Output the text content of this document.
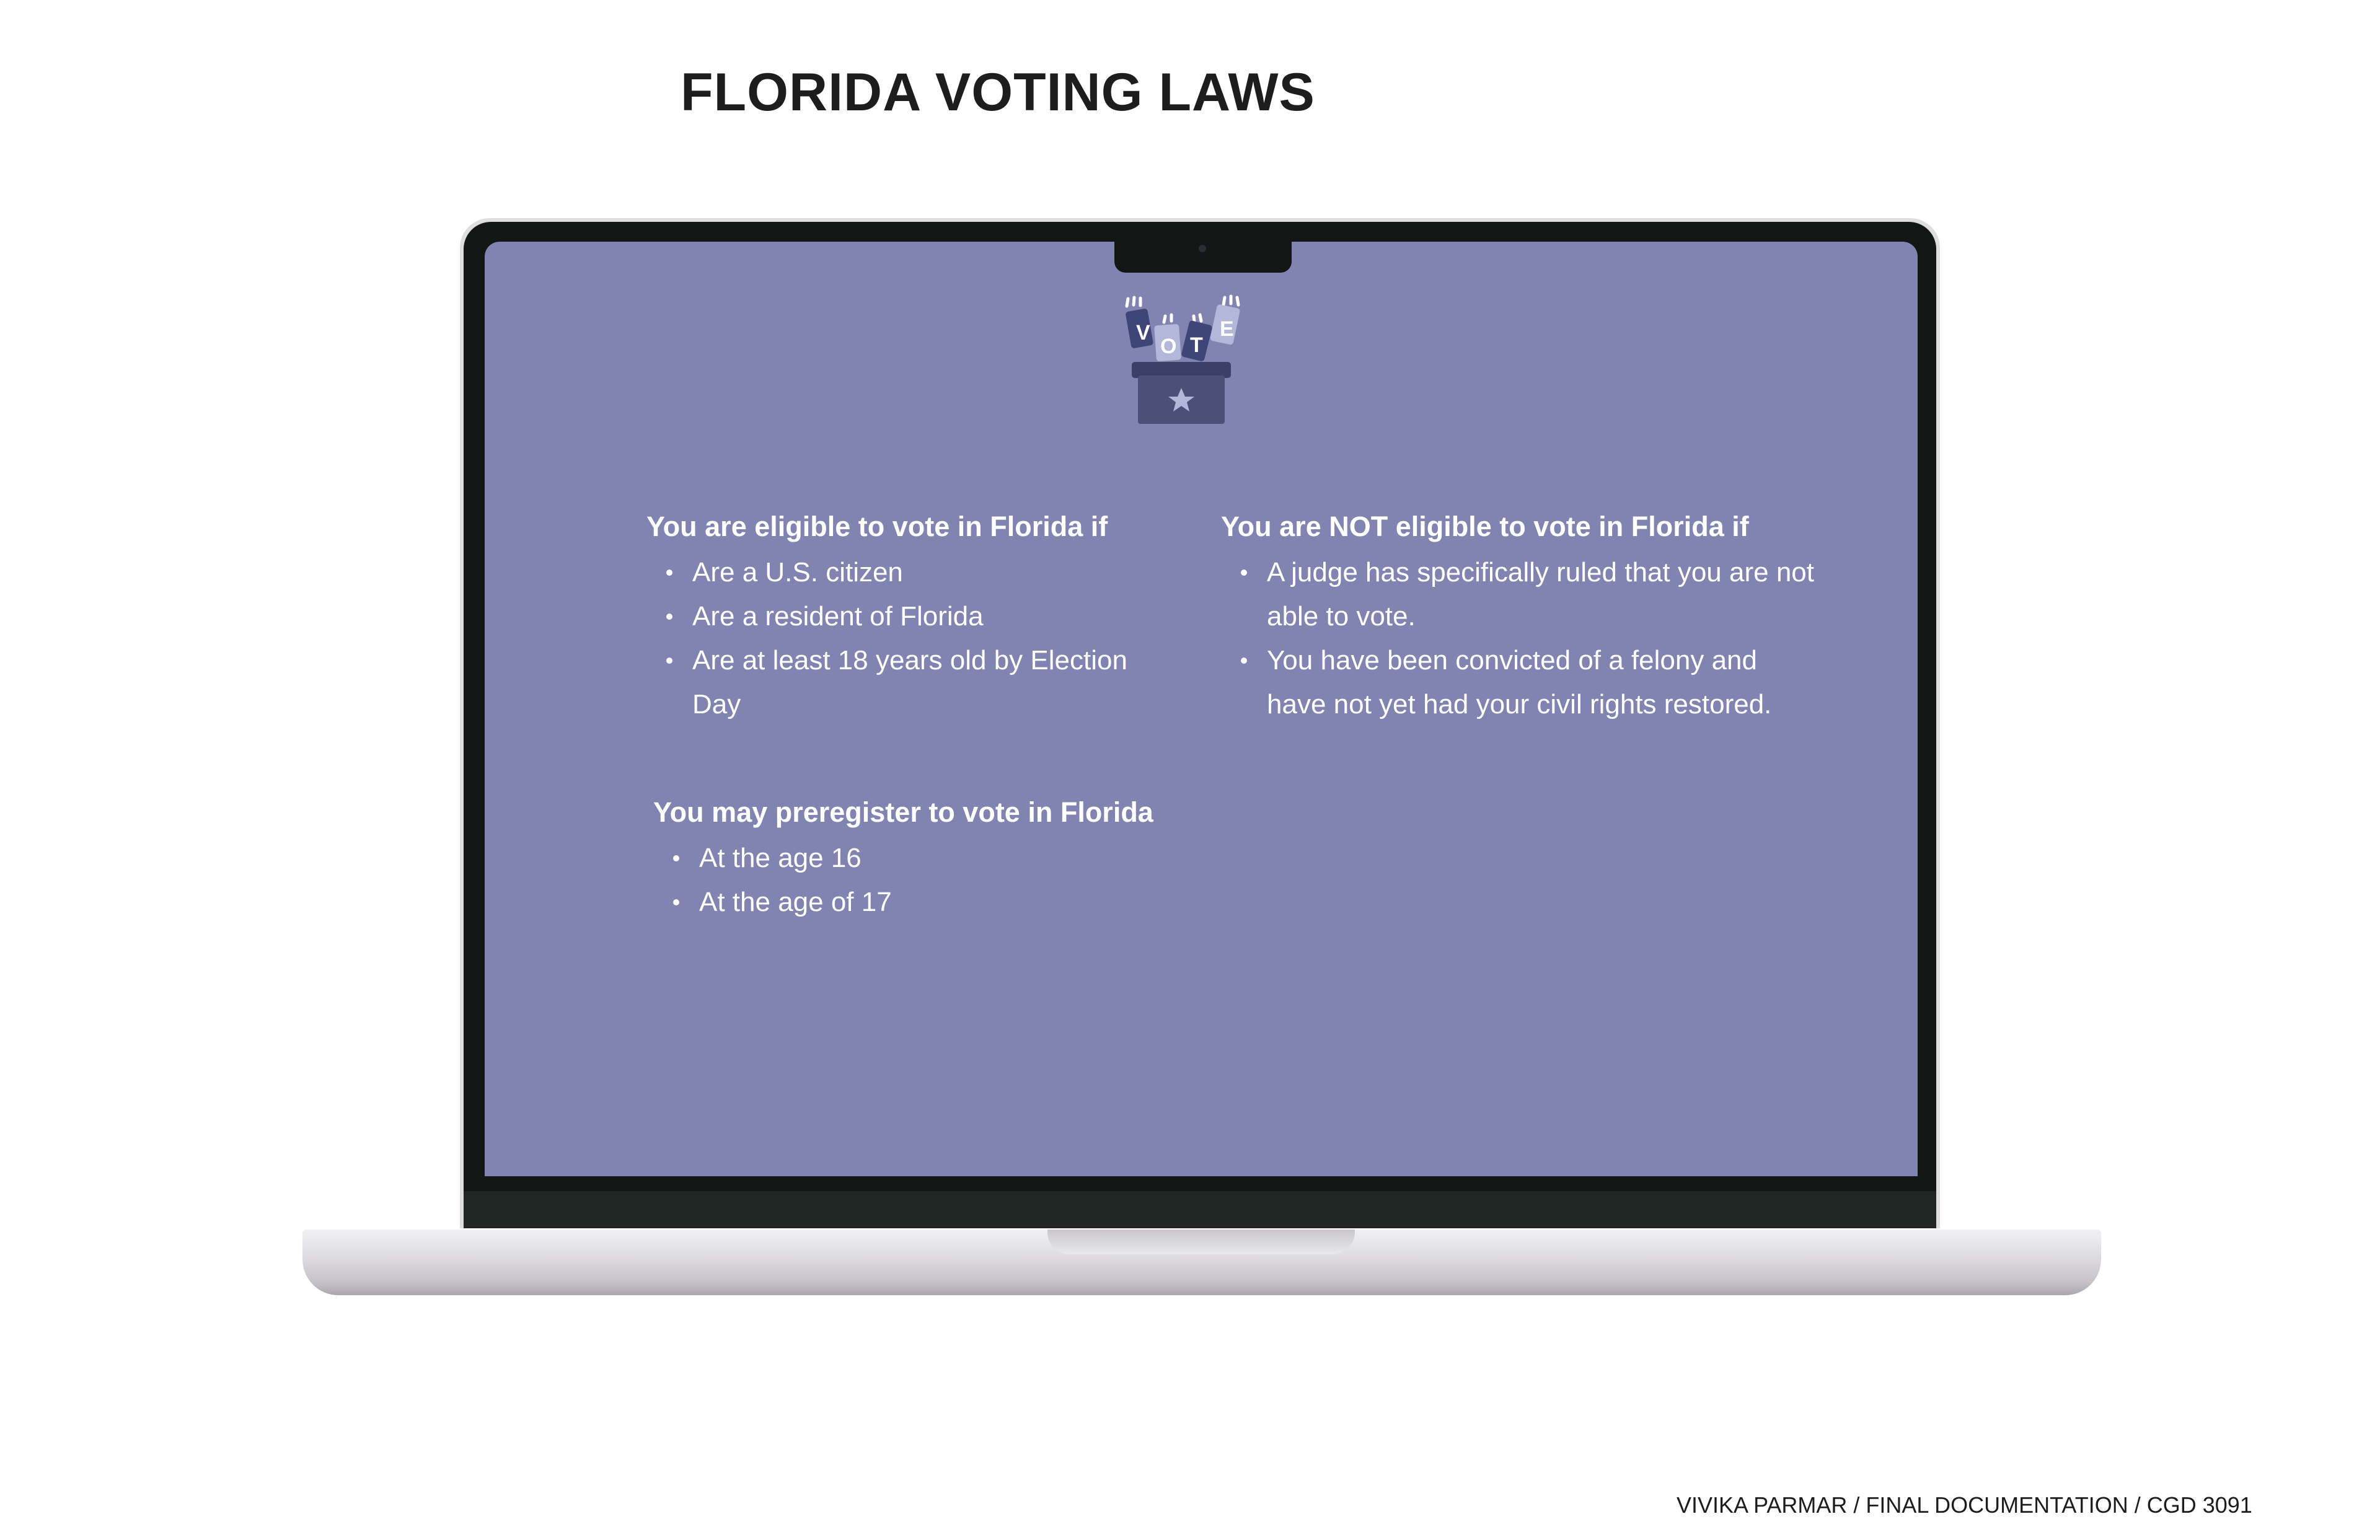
FLORIDA VOTING LAWS
V
O T
E
You are eligible to vote in Florida if
Are a U.S. citizen
Are a resident of Florida
Are at least 18 years old by Election Day
You are NOT eligible to vote in Florida if
A judge has specifically ruled that you are not able to vote.
You have been convicted of a felony and have not yet had your civil rights restored.
You may preregister to vote in Florida
At the age 16
At the age of 17
VIVIKA PARMAR / FINAL DOCUMENTATION / CGD 3091
